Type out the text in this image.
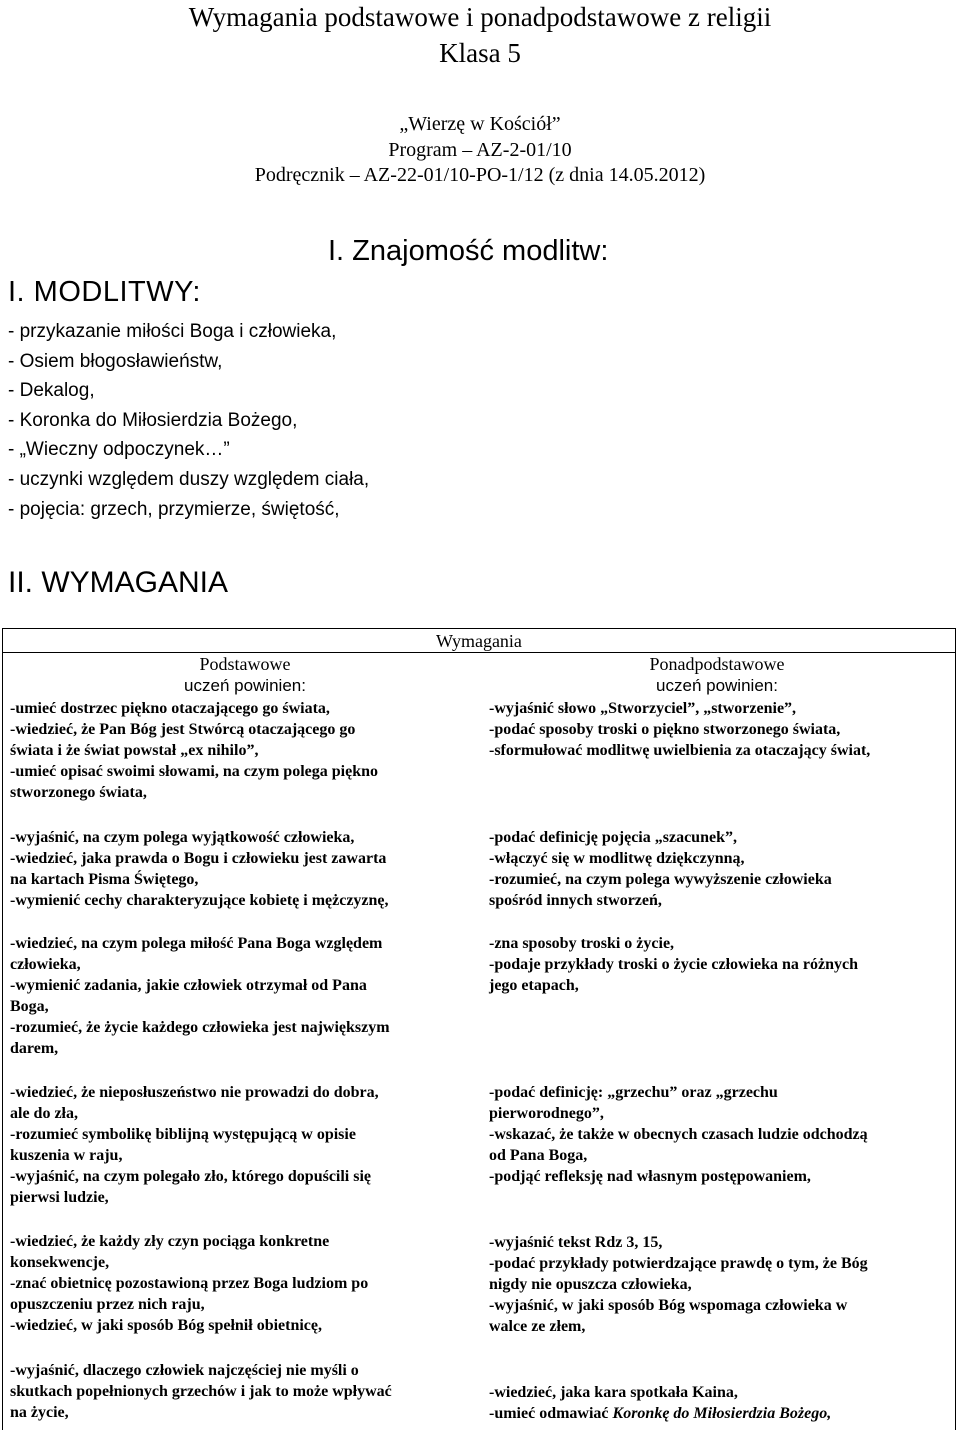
Wymagania podstawowe i ponadpodstawowe z religii
Klasa 5
„Wierzę w Kościół”
Program – AZ-2-01/10
Podręcznik – AZ-22-01/10-PO-1/12 (z dnia 14.05.2012)
I. Znajomość modlitw:
I. MODLITWY:
- przykazanie miłości Boga i człowieka,
- Osiem błogosławieństw,
- Dekalog,
- Koronka do Miłosierdzia Bożego,
- „Wieczny odpoczynek…”
- uczynki względem duszy względem ciała,
- pojęcia: grzech, przymierze, świętość,
II. WYMAGANIA
Wymagania
Podstawowe
uczeń powinien:
-umieć dostrzec piękno otaczającego go świata,
-wiedzieć, że Pan Bóg jest Stwórcą otaczającego go
świata i że świat powstał „ex nihilo”,
-umieć opisać swoimi słowami, na czym polega piękno
stworzonego świata,
-wyjaśnić, na czym polega wyjątkowość człowieka,
-wiedzieć, jaka prawda o Bogu i człowieku jest zawarta
na kartach Pisma Świętego,
-wymienić cechy charakteryzujące kobietę i mężczyznę,
-wiedzieć, na czym polega miłość Pana Boga względem
człowieka,
-wymienić zadania, jakie człowiek otrzymał od Pana
Boga,
-rozumieć, że życie każdego człowieka jest największym
darem,
-wiedzieć, że nieposłuszeństwo nie prowadzi do dobra,
ale do zła,
-rozumieć symbolikę biblijną występującą w opisie
kuszenia w raju,
-wyjaśnić, na czym polegało zło, którego dopuścili się
pierwsi ludzie,
-wiedzieć, że każdy zły czyn pociąga konkretne
konsekwencje,
-znać obietnicę pozostawioną przez Boga ludziom po
opuszczeniu przez nich raju,
-wiedzieć, w jaki sposób Bóg spełnił obietnicę,
-wyjaśnić, dlaczego człowiek najczęściej nie myśli o
skutkach popełnionych grzechów i jak to może wpływać
na życie,
Ponadpodstawowe
uczeń powinien:
-wyjaśnić słowo „Stworzyciel”, „stworzenie”,
-podać sposoby troski o piękno stworzonego świata,
-sformułować modlitwę uwielbienia za otaczający świat,
-podać definicję pojęcia „szacunek”,
-włączyć się w modlitwę dziękczynną,
-rozumieć, na czym polega wywyższenie człowieka
spośród innych stworzeń,
-zna sposoby troski o życie,
-podaje przykłady troski o życie człowieka na różnych
jego etapach,
-podać definicję: „grzechu” oraz „grzechu
pierworodnego”,
-wskazać, że także w obecnych czasach ludzie odchodzą
od Pana Boga,
-podjąć refleksję nad własnym postępowaniem,
-wyjaśnić tekst Rdz 3, 15,
-podać przykłady potwierdzające prawdę o tym, że Bóg
nigdy nie opuszcza człowieka,
-wyjaśnić, w jaki sposób Bóg wspomaga człowieka w
walce ze złem,
-wiedzieć, jaka kara spotkała Kaina,
-umieć odmawiać Koronkę do Miłosierdzia Bożego,
